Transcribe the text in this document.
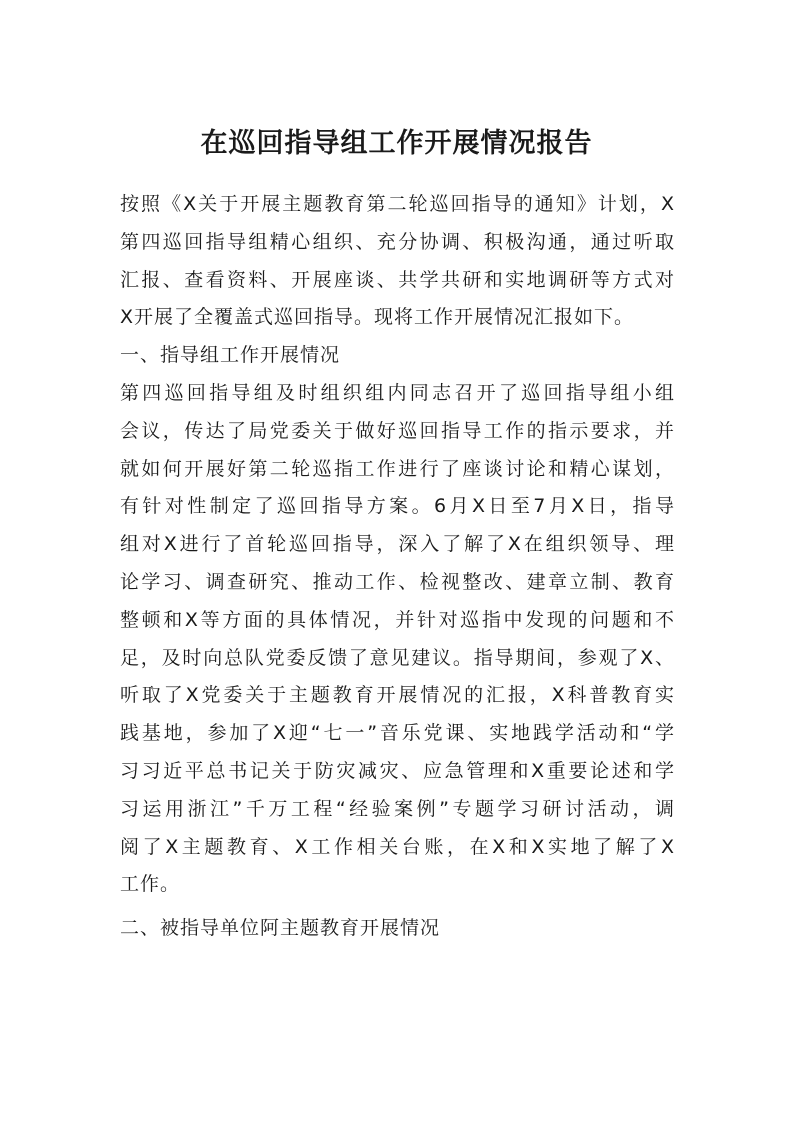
在巡回指导组工作开展情况报告
按照《X关于开展主题教育第二轮巡回指导的通知》计划，X
第四巡回指导组精心组织、充分协调、积极沟通，通过听取
汇报、查看资料、开展座谈、共学共研和实地调研等方式对
X开展了全覆盖式巡回指导。现将工作开展情况汇报如下。
一、指导组工作开展情况
第四巡回指导组及时组织组内同志召开了巡回指导组小组
会议，传达了局党委关于做好巡回指导工作的指示要求，并
就如何开展好第二轮巡指工作进行了座谈讨论和精心谋划，
有针对性制定了巡回指导方案。6月X日至7月X日，指导
组对X进行了首轮巡回指导，深入了解了X在组织领导、理
论学习、调查研究、推动工作、检视整改、建章立制、教育
整顿和X等方面的具体情况，并针对巡指中发现的问题和不
足，及时向总队党委反馈了意见建议。指导期间，参观了X、
听取了X党委关于主题教育开展情况的汇报，X科普教育实
践基地，参加了X迎“七一”音乐党课、实地践学活动和“学
习习近平总书记关于防灾减灾、应急管理和X重要论述和学
习运用浙江”千万工程“经验案例”专题学习研讨活动，调
阅了X主题教育、X工作相关台账，在X和X实地了解了X
工作。
二、被指导单位阿主题教育开展情况
